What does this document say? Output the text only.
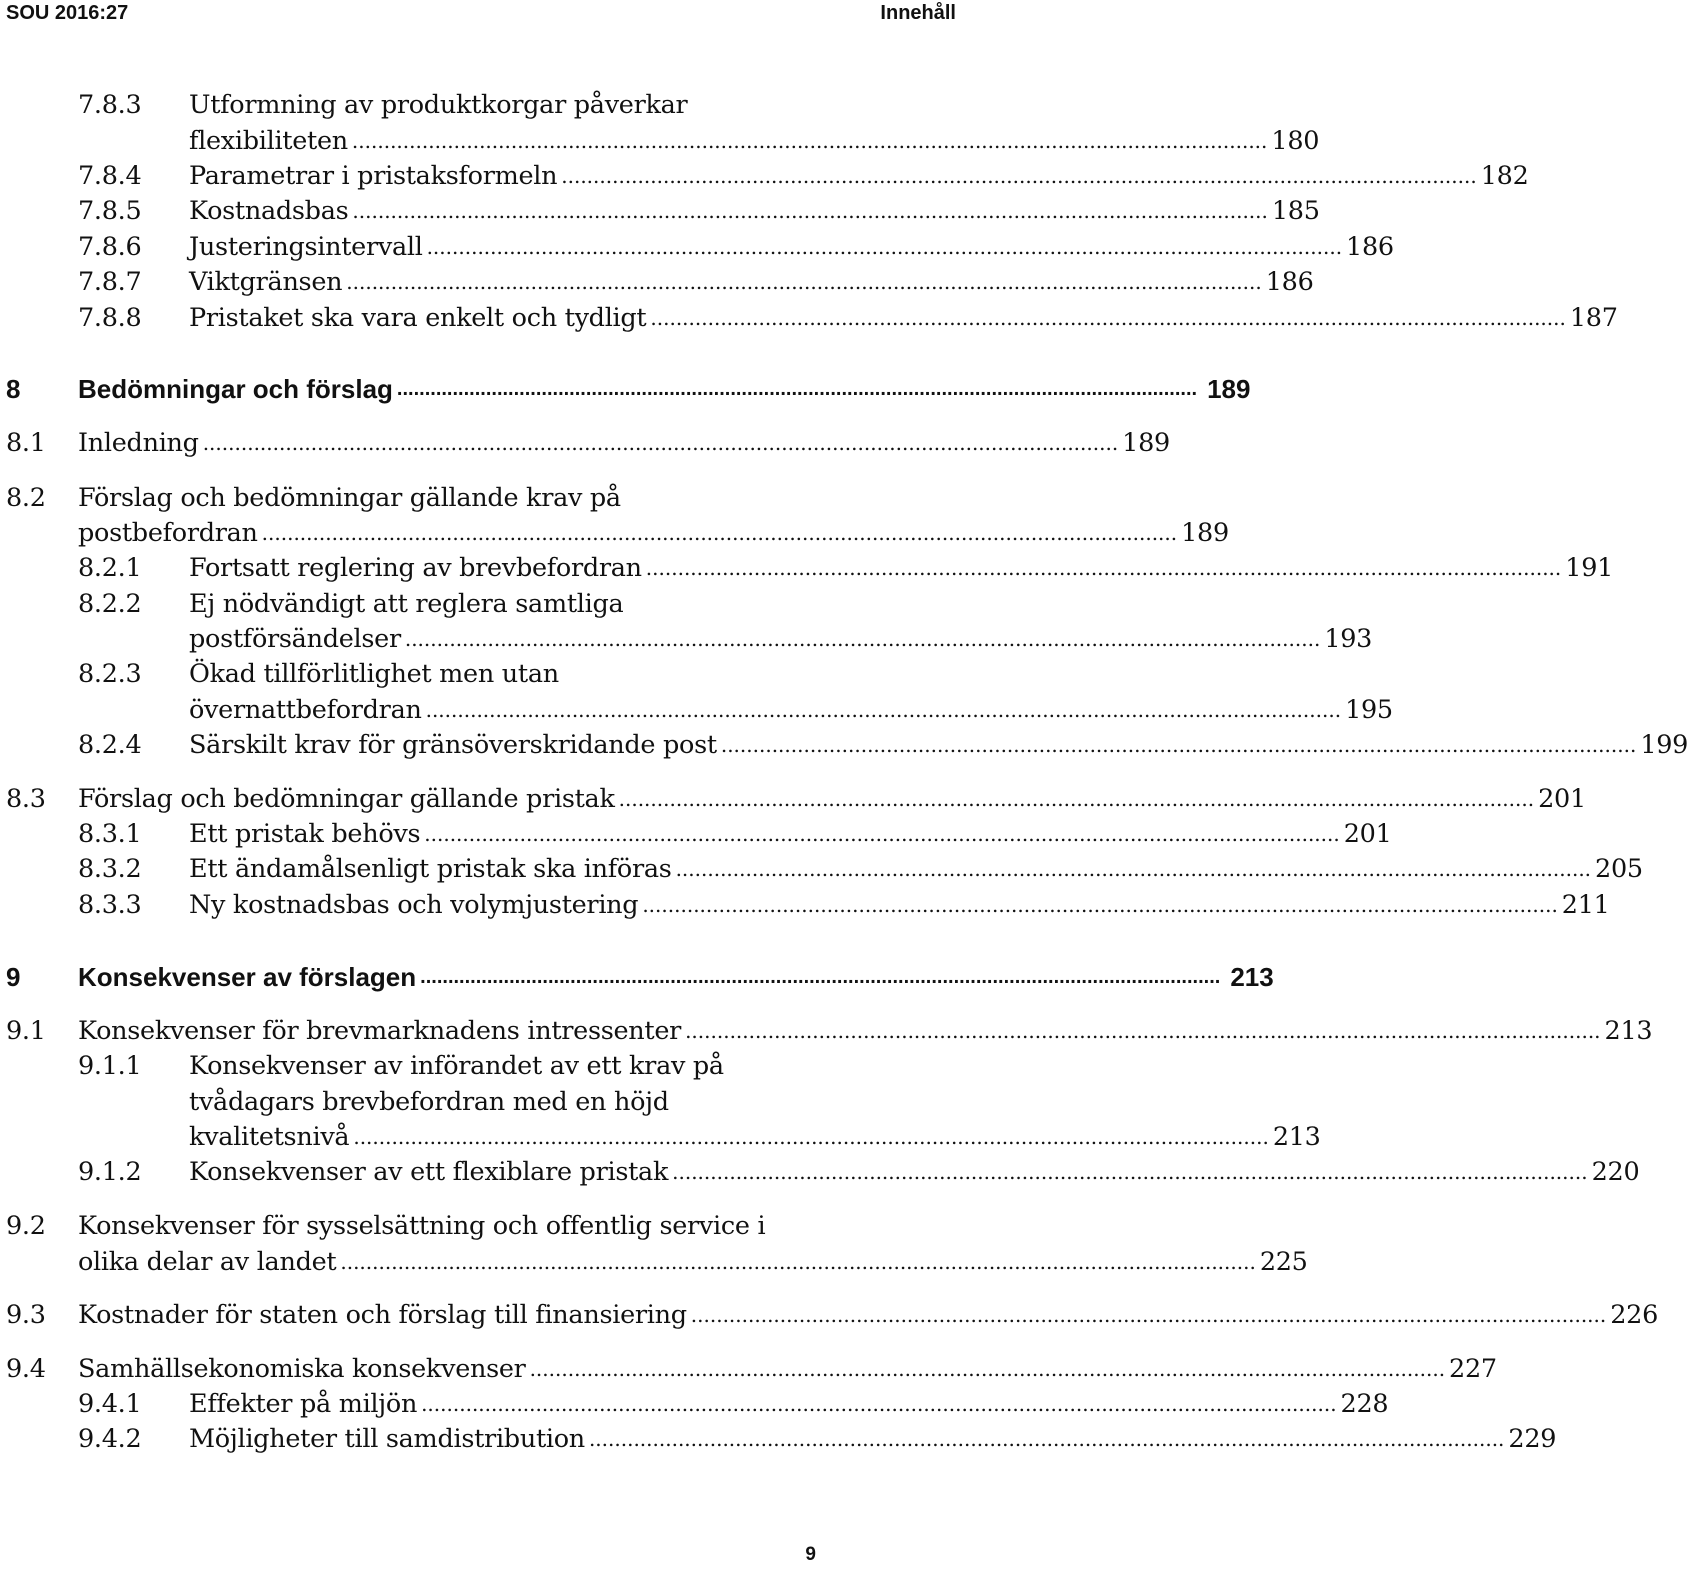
SOU 2016:27	Innehåll
7.8.3 Utformning av produktkorgar påverkar
flexibiliteten ................................................................................................................................................ 180
7.8.4 Parametrar i pristaksformeln ................................................................................................................................................ 182
7.8.5 Kostnadsbas ................................................................................................................................................ 185
7.8.6 Justeringsintervall ................................................................................................................................................ 186
7.8.7 Viktgränsen ................................................................................................................................................ 186
7.8.8 Pristaket ska vara enkelt och tydligt ................................................................................................................................................ 187
8 Bedömningar och förslag ................................................................................................................................................ 189
8.1 Inledning ................................................................................................................................................ 189
8.2 Förslag och bedömningar gällande krav på
postbefordran ................................................................................................................................................ 189
8.2.1 Fortsatt reglering av brevbefordran ................................................................................................................................................ 191
8.2.2 Ej nödvändigt att reglera samtliga
postförsändelser ................................................................................................................................................ 193
8.2.3 Ökad tillförlitlighet men utan
övernattbefordran ................................................................................................................................................ 195
8.2.4 Särskilt krav för gränsöverskridande post ................................................................................................................................................ 199
8.3 Förslag och bedömningar gällande pristak ................................................................................................................................................ 201
8.3.1 Ett pristak behövs ................................................................................................................................................ 201
8.3.2 Ett ändamålsenligt pristak ska införas ................................................................................................................................................ 205
8.3.3 Ny kostnadsbas och volymjustering ................................................................................................................................................ 211
9 Konsekvenser av förslagen ................................................................................................................................................ 213
9.1 Konsekvenser för brevmarknadens intressenter ................................................................................................................................................ 213
9.1.1 Konsekvenser av införandet av ett krav på
tvådagars brevbefordran med en höjd
kvalitetsnivå ................................................................................................................................................ 213
9.1.2 Konsekvenser av ett flexiblare pristak ................................................................................................................................................ 220
9.2 Konsekvenser för sysselsättning och offentlig service i
olika delar av landet ................................................................................................................................................ 225
9.3 Kostnader för staten och förslag till finansiering ................................................................................................................................................ 226
9.4 Samhällsekonomiska konsekvenser ................................................................................................................................................ 227
9.4.1 Effekter på miljön ................................................................................................................................................ 228
9.4.2 Möjligheter till samdistribution ................................................................................................................................................ 229
9
